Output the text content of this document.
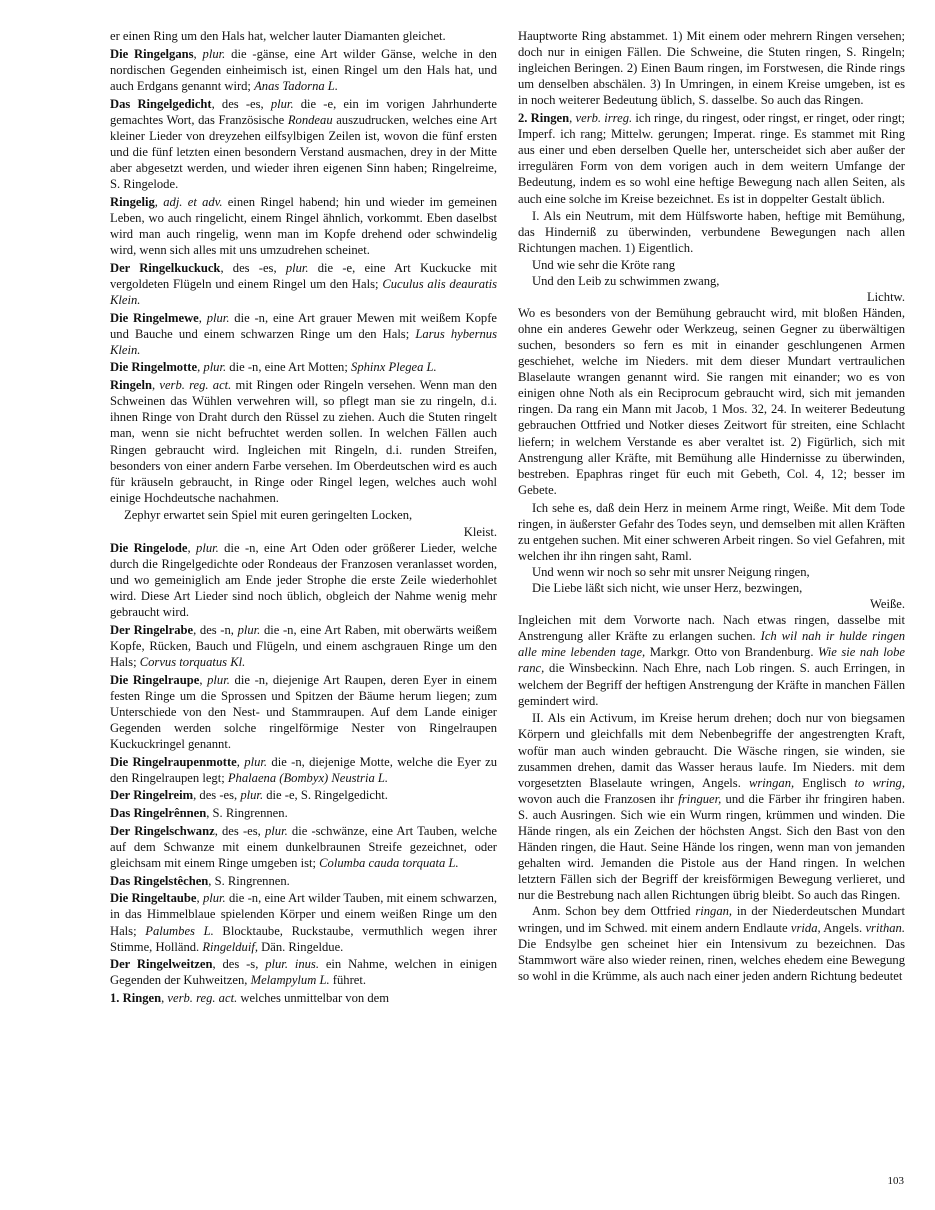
er einen Ring um den Hals hat, welcher lauter Diamanten gleichet.
Die Ringelgans, plur. die -gänse, eine Art wilder Gänse, welche in den nordischen Gegenden einheimisch ist, einen Ringel um den Hals hat, und auch Erdgans genannt wird; Anas Tadorna L.
Das Ringelgedicht, des -es, plur. die -e, ein im vorigen Jahrhunderte gemachtes Wort, das Französische Rondeau auszudrucken, welches eine Art kleiner Lieder von dreyzehen eilfsylbigen Zeilen ist, wovon die fünf ersten und die fünf letzten einen besondern Verstand ausmachen, drey in der Mitte aber abgesetzt werden, und wieder ihren eigenen Sinn haben; Ringelreime, S. Ringelode.
Ringelig, adj. et adv. einen Ringel habend; hin und wieder im gemeinen Leben, wo auch ringelicht, einem Ringel ähnlich, vorkommt. Eben daselbst wird man auch ringelig, wenn man im Kopfe drehend oder schwindelig wird, wenn sich alles mit uns umzudrehen scheinet.
Der Ringelkuckuck, des -es, plur. die -e, eine Art Kuckucke mit vergoldeten Flügeln und einem Ringel um den Hals; Cuculus alis deauratis Klein.
Die Ringelmewe, plur. die -n, eine Art grauer Mewen mit weißem Kopfe und Bauche und einem schwarzen Ringe um den Hals; Larus hybernus Klein.
Die Ringelmotte, plur. die -n, eine Art Motten; Sphinx Plegea L.
Ringeln, verb. reg. act. mit Ringen oder Ringeln versehen. Wenn man den Schweinen das Wühlen verwehren will, so pflegt man sie zu ringeln, d.i. ihnen Ringe von Draht durch den Rüssel zu ziehen. Auch die Stuten ringelt man, wenn sie nicht befruchtet werden sollen. In welchen Fällen auch Ringen gebraucht wird. Ingleichen mit Ringeln, d.i. runden Streifen, besonders von einer andern Farbe versehen. Im Oberdeutschen wird es auch für kräuseln gebraucht, in Ringe oder Ringel legen, welches auch wohl einige Hochdeutsche nachahmen.
Zephyr erwartet sein Spiel mit euren geringelten Locken,
Kleist.
Die Ringelode, plur. die -n, eine Art Oden oder größerer Lieder, welche durch die Ringelgedichte oder Rondeaus der Franzosen veranlasset worden, und wo gemeiniglich am Ende jeder Strophe die erste Zeile wiederhohlet wird. Diese Art Lieder sind noch üblich, obgleich der Nahme wenig mehr gebraucht wird.
Der Ringelrabe, des -n, plur. die -n, eine Art Raben, mit oberwärts weißem Kopfe, Rücken, Bauch und Flügeln, und einem aschgrauen Ringe um den Hals; Corvus torquatus Kl.
Die Ringelraupe, plur. die -n, diejenige Art Raupen, deren Eyer in einem festen Ringe um die Sprossen und Spitzen der Bäume herum liegen; zum Unterschiede von den Nest- und Stammraupen. Auf dem Lande einiger Gegenden werden solche ringelförmige Nester von Ringelraupen Kuckuckringel genannt.
Die Ringelraupenmotte, plur. die -n, diejenige Motte, welche die Eyer zu den Ringelraupen legt; Phalaena (Bombyx) Neustria L.
Der Ringelreim, des -es, plur. die -e, S. Ringelgedicht.
Das Ringelrênnen, S. Ringrennen.
Der Ringelschwanz, des -es, plur. die -schwänze, eine Art Tauben, welche auf dem Schwanze mit einem dunkelbraunen Streife gezeichnet, oder gleichsam mit einem Ringe umgeben ist; Columba cauda torquata L.
Das Ringelstêchen, S. Ringrennen.
Die Ringeltaube, plur. die -n, eine Art wilder Tauben, mit einem schwarzen, in das Himmelblaue spielenden Körper und einem weißen Ringe um den Hals; Palumbes L. Blocktaube, Ruckstaube, vermuthlich wegen ihrer Stimme, Holländ. Ringelduif, Dän. Ringeldue.
Der Ringelweitzen, des -s, plur. inus. ein Nahme, welchen in einigen Gegenden der Kuhweitzen, Melampylum L. führet.
1. Ringen, verb. reg. act. welches unmittelbar von dem
Hauptworte Ring abstammet. 1) Mit einem oder mehrern Ringen versehen; doch nur in einigen Fällen. Die Schweine, die Stuten ringen, S. Ringeln; ingleichen Beringen. 2) Einen Baum ringen, im Forstwesen, die Rinde rings um denselben abschälen. 3) In Umringen, in einem Kreise umgeben, ist es in noch weiterer Bedeutung üblich, S. dasselbe. So auch das Ringen.
2. Ringen, verb. irreg. ich ringe, du ringest, oder ringst, er ringet, oder ringt; Imperf. ich rang; Mittelw. gerungen; Imperat. ringe. Es stammet mit Ring aus einer und eben derselben Quelle her, unterscheidet sich aber außer der irregulären Form von dem vorigen auch in dem weitern Umfange der Bedeutung, indem es so wohl eine heftige Bewegung nach allen Seiten, als auch eine solche im Kreise bezeichnet. Es ist in doppelter Gestalt üblich.
I. Als ein Neutrum, mit dem Hülfsworte haben, heftige mit Bemühung, das Hinderniß zu überwinden, verbundene Bewegungen nach allen Richtungen machen. 1) Eigentlich.
Und wie sehr die Kröte rang
Und den Leib zu schwimmen zwang,
Lichtw.
Wo es besonders von der Bemühung gebraucht wird, mit bloßen Händen, ohne ein anderes Gewehr oder Werkzeug, seinen Gegner zu überwältigen suchen, besonders so fern es mit in einander geschlungenen Armen geschiehet, welche im Nieders. mit dem dieser Mundart vertraulichen Blaselaute wrangen genannt wird. Sie rangen mit einander; wo es von einigen ohne Noth als ein Reciprocum gebraucht wird, sich mit jemanden ringen. Da rang ein Mann mit Jacob, 1 Mos. 32, 24. In weiterer Bedeutung gebrauchen Ottfried und Notker dieses Zeitwort für streiten, eine Schlacht liefern; in welchem Verstande es aber veraltet ist. 2) Figürlich, sich mit Anstrengung aller Kräfte, mit Bemühung alle Hindernisse zu überwinden, bestreben. Epaphras ringet für euch mit Gebeth, Col. 4, 12; besser im Gebete.
Ich sehe es, daß dein Herz in meinem Arme ringt, Weiße. Mit dem Tode ringen, in äußerster Gefahr des Todes seyn, und demselben mit allen Kräften zu entgehen suchen. Mit einer schweren Arbeit ringen. So viel Gefahren, mit welchen ihr ihn ringen saht, Raml.
Und wenn wir noch so sehr mit unsrer Neigung ringen,
Die Liebe läßt sich nicht, wie unser Herz, bezwingen,
Weiße.
Ingleichen mit dem Vorworte nach. Nach etwas ringen, dasselbe mit Anstrengung aller Kräfte zu erlangen suchen. Ich wil nah ir hulde ringen alle mine lebenden tage, Markgr. Otto von Brandenburg. Wie sie nah lobe ranc, die Winsbeckinn. Nach Ehre, nach Lob ringen. S. auch Erringen, in welchem der Begriff der heftigen Anstrengung der Kräfte in manchen Fällen gemindert wird.
II. Als ein Activum, im Kreise herum drehen; doch nur von biegsamen Körpern und gleichfalls mit dem Nebenbegriffe der angestrengten Kraft, wofür man auch winden gebraucht. Die Wäsche ringen, sie winden, sie zusammen drehen, damit das Wasser heraus laufe. Im Nieders. mit dem vorgesetzten Blaselaute wringen, Angels. wringan, Englisch to wring, wovon auch die Franzosen ihr fringuer, und die Färber ihr fringiren haben. S. auch Ausringen. Sich wie ein Wurm ringen, krümmen und winden. Die Hände ringen, als ein Zeichen der höchsten Angst. Sich den Bast von den Händen ringen, die Haut. Seine Hände los ringen, wenn man von jemanden gehalten wird. Jemanden die Pistole aus der Hand ringen. In welchen letztern Fällen sich der Begriff der kreisförmigen Bewegung verlieret, und nur die Bestrebung nach allen Richtungen übrig bleibt. So auch das Ringen.
Anm. Schon bey dem Ottfried ringan, in der Niederdeutschen Mundart wringen, und im Schwed. mit einem andern Endlaute vrida, Angels. vrithan. Die Endsylbe gen scheinet hier ein Intensivum zu bezeichnen. Das Stammwort wäre also wieder reinen, rinen, welches ehedem eine Bewegung so wohl in die Krümme, als auch nach einer jeden andern Richtung bedeutet
103
